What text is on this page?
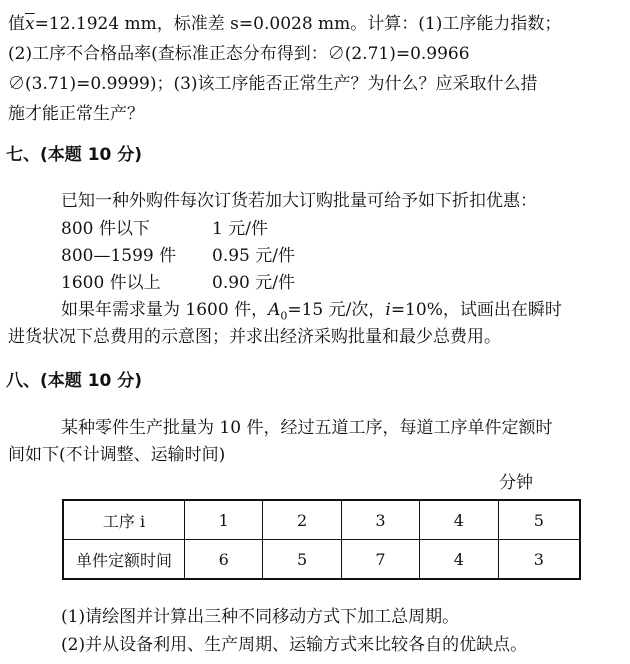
值$\overline{x}=12.1924$ mm，标准差 s=0.0028 mm。计算：(1)工序能力指数；
(2)工序不合格品率(查标准正态分布得到：∅(2.71)=0.9966
∅(3.71)=0.9999)；(3)该工序能否正常生产？为什么？应采取什么措
施才能正常生产？
七、(本题 10 分)
已知一种外购件每次订货若加大订购批量可给予如下折扣优惠：
800 件以下	1 元/件
800—1599 件 0.95 元/件
1600 件以上	0.90 元/件
如果年需求量为 1600 件，$A_0=15$ 元/次，i=10%，试画出在瞬时
进货状况下总费用的示意图；并求出经济采购批量和最少总费用。
八、(本题 10 分)
某种零件生产批量为 10 件，经过五道工序，每道工序单件定额时
间如下(不计调整、运输时间)
分钟
工序 i	1	2	3	4	5
单件定额时间	6	5	7	4	3
(1)请绘图并计算出三种不同移动方式下加工总周期。
(2)并从设备利用、生产周期、运输方式来比较各自的优缺点。
